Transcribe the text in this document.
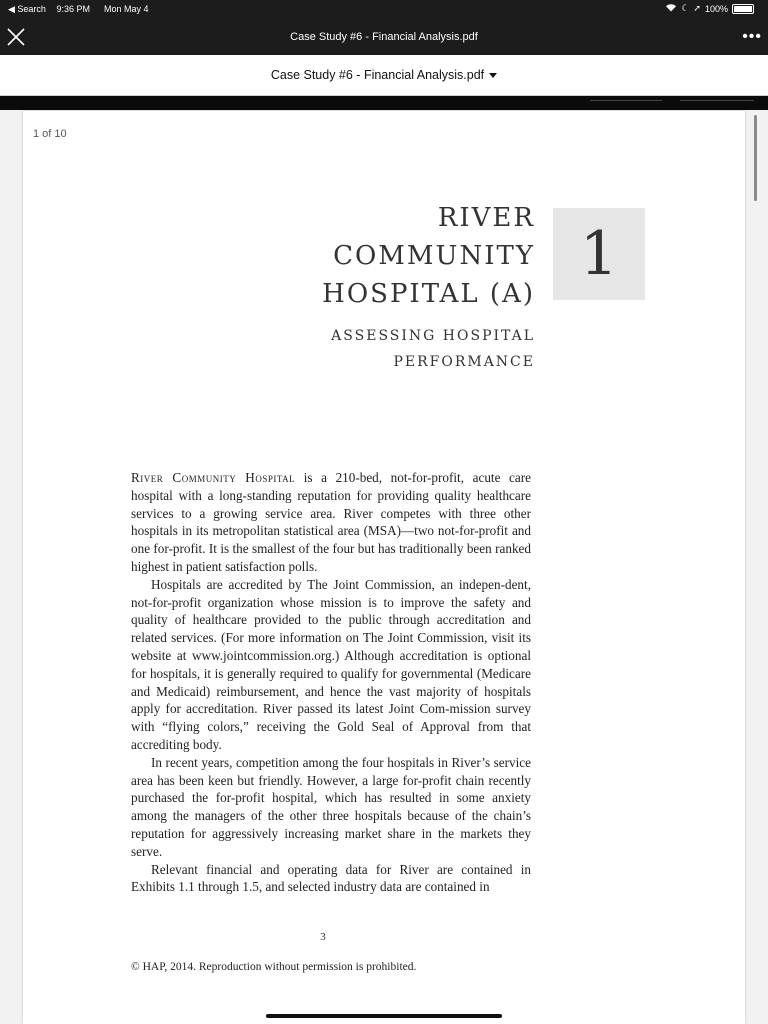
◀ Search 9:36 PM	Mon May 4	☾ ➚ 100%
Case Study #6 - Financial Analysis.pdf	•••
Case Study #6 - Financial Analysis.pdf
1 of 10
RIVER
COMMUNITY
HOSPITAL (A)
ASSESSING HOSPITAL
PERFORMANCE
1

River Community Hospital is a 210-bed, not-for-profit, acute care hospital with a long-standing reputation for providing quality healthcare services to a growing service area. River competes with three other hospitals in its metropolitan statistical area (MSA)—two not-for-profit and one for-profit. It is the smallest of the four but has traditionally been ranked highest in patient satisfaction polls.

Hospitals are accredited by The Joint Commission, an indepen-dent, not-for-profit organization whose mission is to improve the safety and quality of healthcare provided to the public through accreditation and related services. (For more information on The Joint Commission, visit its website at www.jointcommission.org.) Although accreditation is optional for hospitals, it is generally required to qualify for governmental (Medicare and Medicaid) reimbursement, and hence the vast majority of hospitals apply for accreditation. River passed its latest Joint Com-mission survey with “flying colors,” receiving the Gold Seal of Approval from that accrediting body.

In recent years, competition among the four hospitals in River’s service area has been keen but friendly. However, a large for-profit chain recently purchased the for-profit hospital, which has resulted in some anxiety among the managers of the other three hospitals because of the chain’s reputation for aggressively increasing market share in the markets they serve.

Relevant financial and operating data for River are contained in Exhibits 1.1 through 1.5, and selected industry data are contained in

3
© HAP, 2014. Reproduction without permission is prohibited.
